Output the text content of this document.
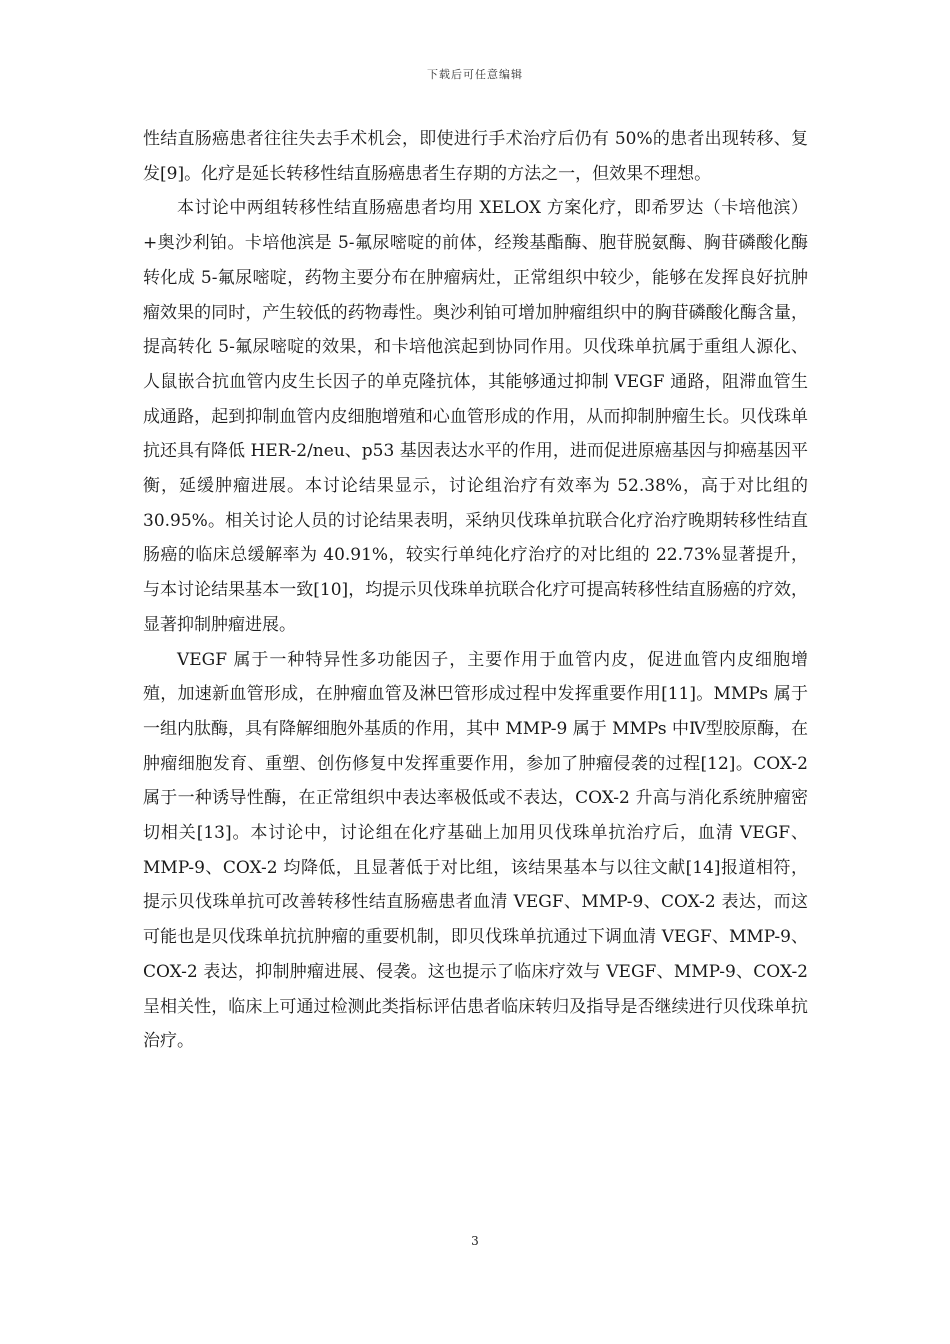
下载后可任意编辑

性结直肠癌患者往往失去手术机会，即使进行手术治疗后仍有 50%的患者出现转移、复发[9]。化疗是延长转移性结直肠癌患者生存期的方法之一，但效果不理想。

本讨论中两组转移性结直肠癌患者均用 XELOX 方案化疗，即希罗达（卡培他滨）+奥沙利铂。卡培他滨是 5-氟尿嘧啶的前体，经羧基酯酶、胞苷脱氨酶、胸苷磷酸化酶转化成 5-氟尿嘧啶，药物主要分布在肿瘤病灶，正常组织中较少，能够在发挥良好抗肿瘤效果的同时，产生较低的药物毒性。奥沙利铂可增加肿瘤组织中的胸苷磷酸化酶含量，提高转化 5-氟尿嘧啶的效果，和卡培他滨起到协同作用。贝伐珠单抗属于重组人源化、人鼠嵌合抗血管内皮生长因子的单克隆抗体，其能够通过抑制 VEGF 通路，阻滞血管生成通路，起到抑制血管内皮细胞增殖和心血管形成的作用，从而抑制肿瘤生长。贝伐珠单抗还具有降低 HER-2/neu、p53 基因表达水平的作用，进而促进原癌基因与抑癌基因平衡，延缓肿瘤进展。本讨论结果显示，讨论组治疗有效率为 52.38%，高于对比组的 30.95%。相关讨论人员的讨论结果表明，采纳贝伐珠单抗联合化疗治疗晚期转移性结直肠癌的临床总缓解率为 40.91%，较实行单纯化疗治疗的对比组的 22.73%显著提升，与本讨论结果基本一致[10]，均提示贝伐珠单抗联合化疗可提高转移性结直肠癌的疗效，显著抑制肿瘤进展。

VEGF 属于一种特异性多功能因子，主要作用于血管内皮，促进血管内皮细胞增殖，加速新血管形成，在肿瘤血管及淋巴管形成过程中发挥重要作用[11]。MMPs 属于一组内肽酶，具有降解细胞外基质的作用，其中 MMP-9 属于 MMPs 中Ⅳ型胶原酶，在肿瘤细胞发育、重塑、创伤修复中发挥重要作用，参加了肿瘤侵袭的过程[12]。COX-2 属于一种诱导性酶，在正常组织中表达率极低或不表达，COX-2 升高与消化系统肿瘤密切相关[13]。本讨论中，讨论组在化疗基础上加用贝伐珠单抗治疗后，血清 VEGF、MMP-9、COX-2 均降低，且显著低于对比组，该结果基本与以往文献[14]报道相符，提示贝伐珠单抗可改善转移性结直肠癌患者血清 VEGF、MMP-9、COX-2 表达，而这可能也是贝伐珠单抗抗肿瘤的重要机制，即贝伐珠单抗通过下调血清 VEGF、MMP-9、COX-2 表达，抑制肿瘤进展、侵袭。这也提示了临床疗效与 VEGF、MMP-9、COX-2 呈相关性，临床上可通过检测此类指标评估患者临床转归及指导是否继续进行贝伐珠单抗治疗。

3
